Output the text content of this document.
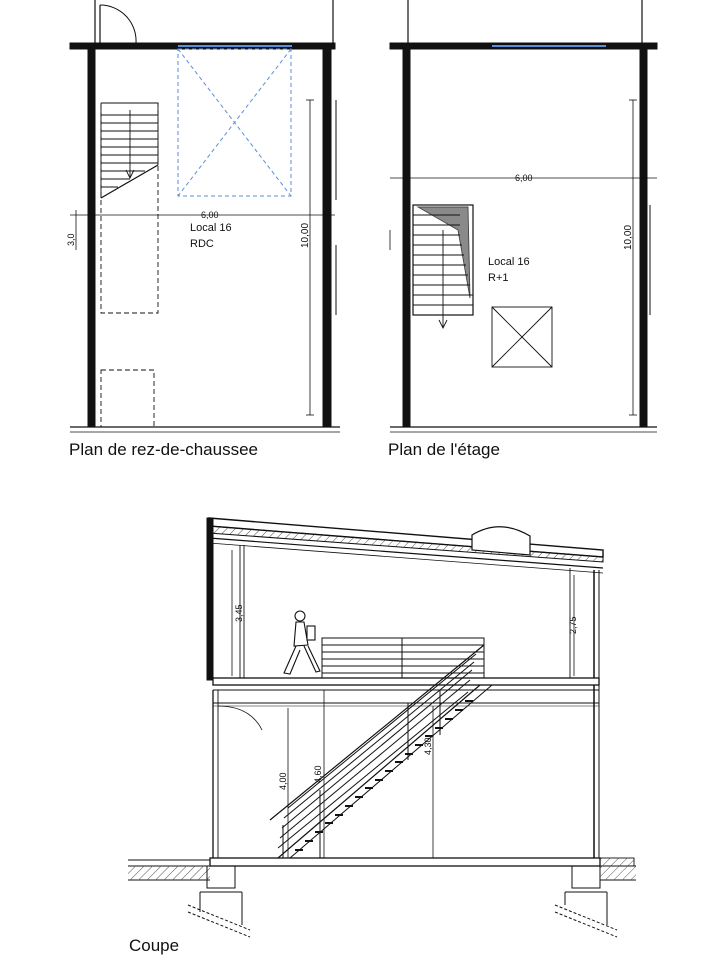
6,00
10,00
3,0
Local 16
RDC
6,00
10,00
Local 16
R+1
3,45
2,75
4,00	4,60
4,30
Plan de rez-de-chaussee	Plan de l'étage
Coupe
